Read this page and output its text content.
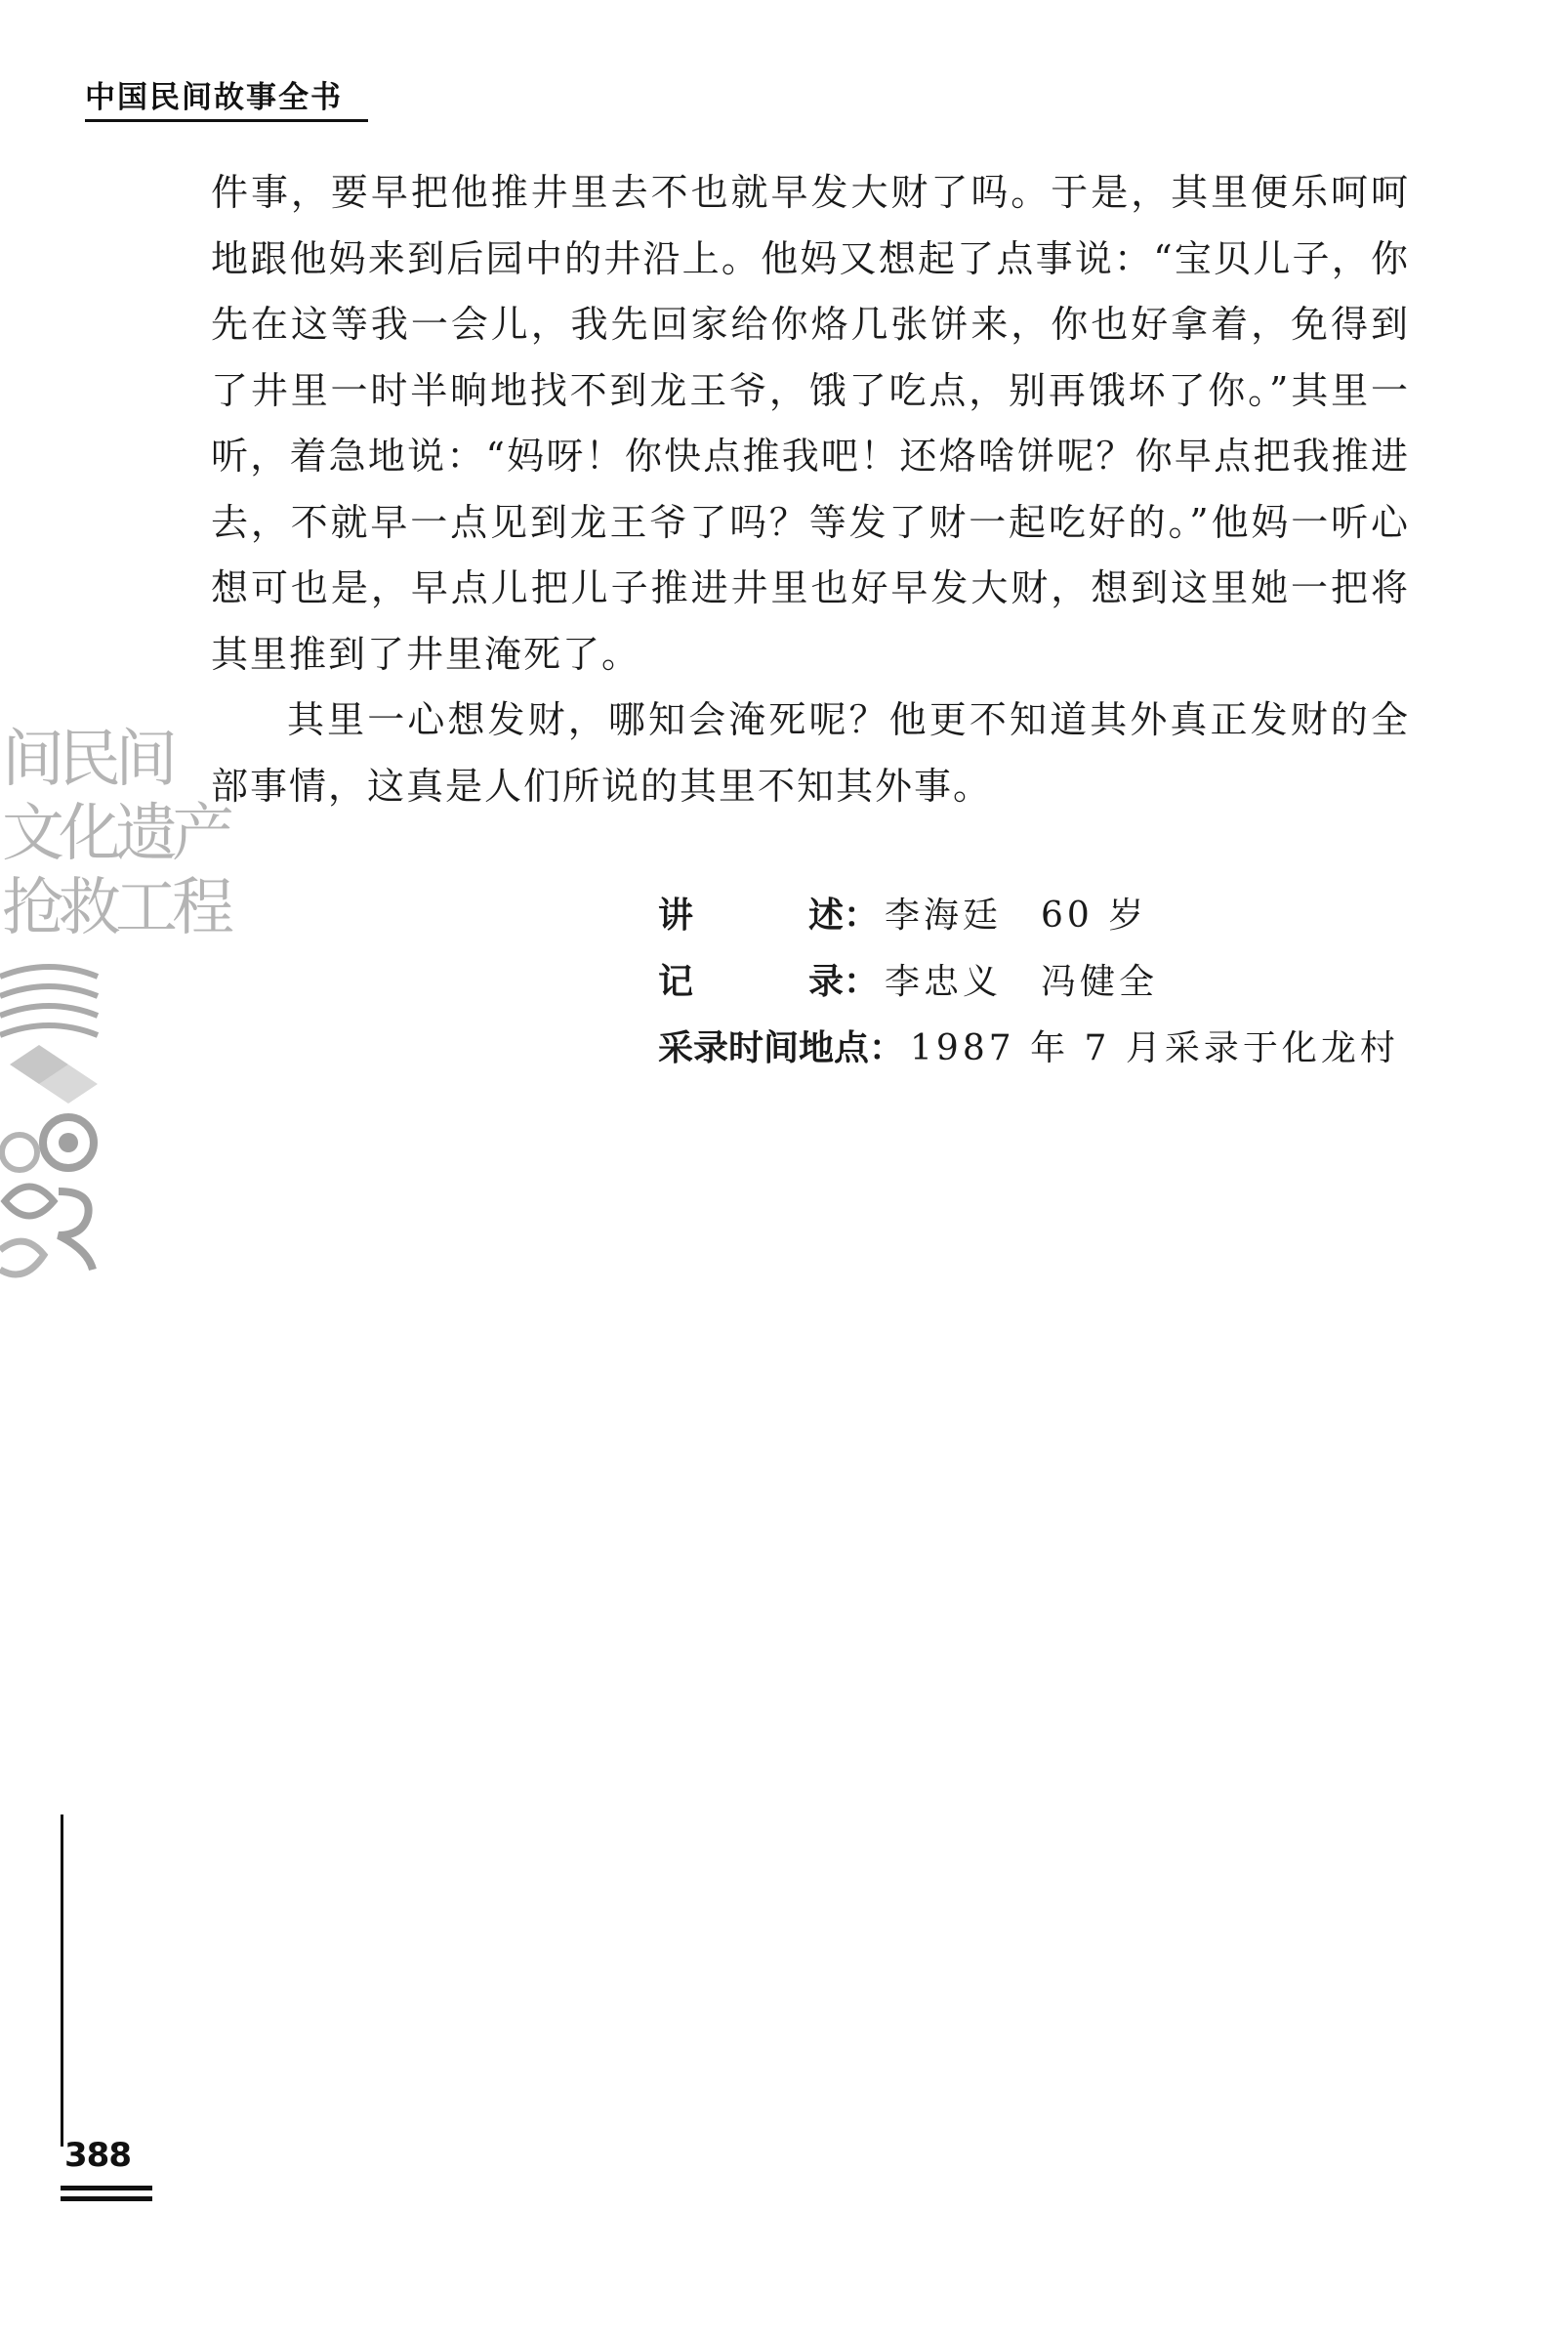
中国民间故事全书

件事，要早把他推井里去不也就早发大财了吗。于是，其里便乐呵呵地跟他妈来到后园中的井沿上。他妈又想起了点事说：“宝贝儿子，你先在这等我一会儿，我先回家给你烙几张饼来，你也好拿着，免得到了井里一时半晌地找不到龙王爷，饿了吃点，别再饿坏了你。”其里一听，着急地说：“妈呀！你快点推我吧！还烙啥饼呢？你早点把我推进去，不就早一点见到龙王爷了吗？等发了财一起吃好的。”他妈一听心想可也是，早点儿把儿子推进井里也好早发大财，想到这里她一把将其里推到了井里淹死了。

其里一心想发财，哪知会淹死呢？他更不知道其外真正发财的全部事情，这真是人们所说的其里不知其外事。

讲述： 李海廷　60 岁
记录： 李忠义　冯健全
采录时间地点： 1987 年 7 月采录于化龙村
间民间
文化遗产
抢救工程
388
